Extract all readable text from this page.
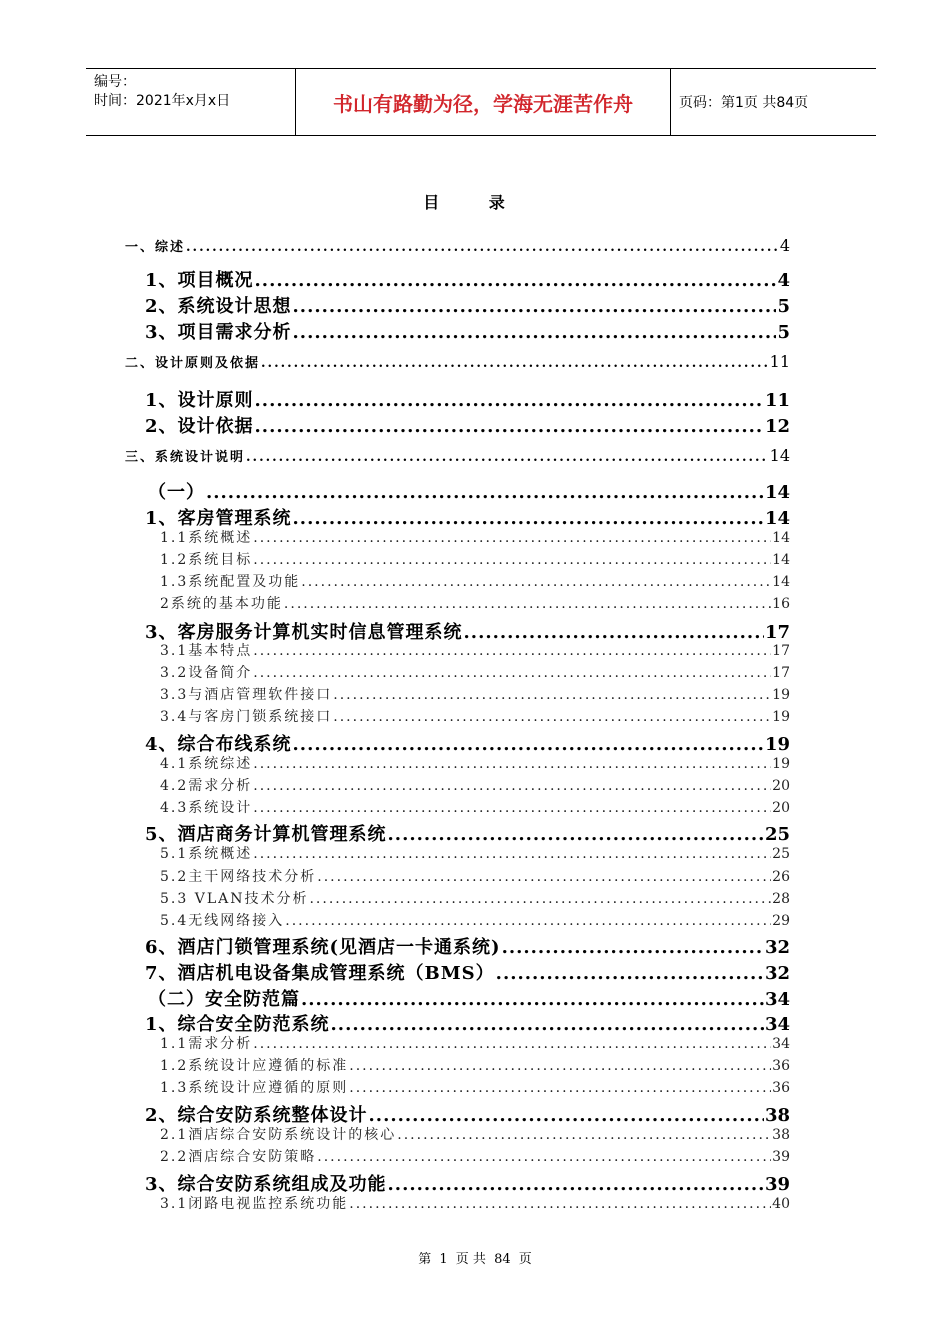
编号：
时间：2021年x月x日	书山有路勤为径，学海无涯苦作舟	页码：第1页 共84页
目 录
一、综述 .....	4
1、项目概况 .....	4
2、系统设计思想 .....	5
3、项目需求分析 .....	5
二、设计原则及依据 .....	11
1、设计原则 .....	11
2、设计依据 .....	12
三、系统设计说明 .....	14
（一） .....	14
1、客房管理系统 .....	14
1.1系统概述 .....	14
1.2系统目标 .....	14
1.3系统配置及功能 .....	14
2系统的基本功能 .....	16
3、客房服务计算机实时信息管理系统 .....	17
3.1基本特点 .....	17
3.2设备简介 .....	17
3.3与酒店管理软件接口 .....	19
3.4与客房门锁系统接口 .....	19
4、综合布线系统 .....	19
4.1系统综述 .....	19
4.2需求分析 .....	20
4.3系统设计 .....	20
5、酒店商务计算机管理系统 .....	25
5.1系统概述 .....	25
5.2主干网络技术分析 .....	26
5.3 VLAN技术分析 .....	28
5.4无线网络接入 .....	29
6、酒店门锁管理系统(见酒店一卡通系统) .....	32
7、酒店机电设备集成管理系统（BMS） .....	32
（二）安全防范篇 .....	34
1、综合安全防范系统 .....	34
1.1需求分析 .....	34
1.2系统设计应遵循的标准 .....	36
1.3系统设计应遵循的原则 .....	36
2、综合安防系统整体设计 .....	38
2.1酒店综合安防系统设计的核心 .....	38
2.2酒店综合安防策略 .....	39
3、综合安防系统组成及功能 .....	39
3.1闭路电视监控系统功能 .....	40
第 1 页 共 84 页
